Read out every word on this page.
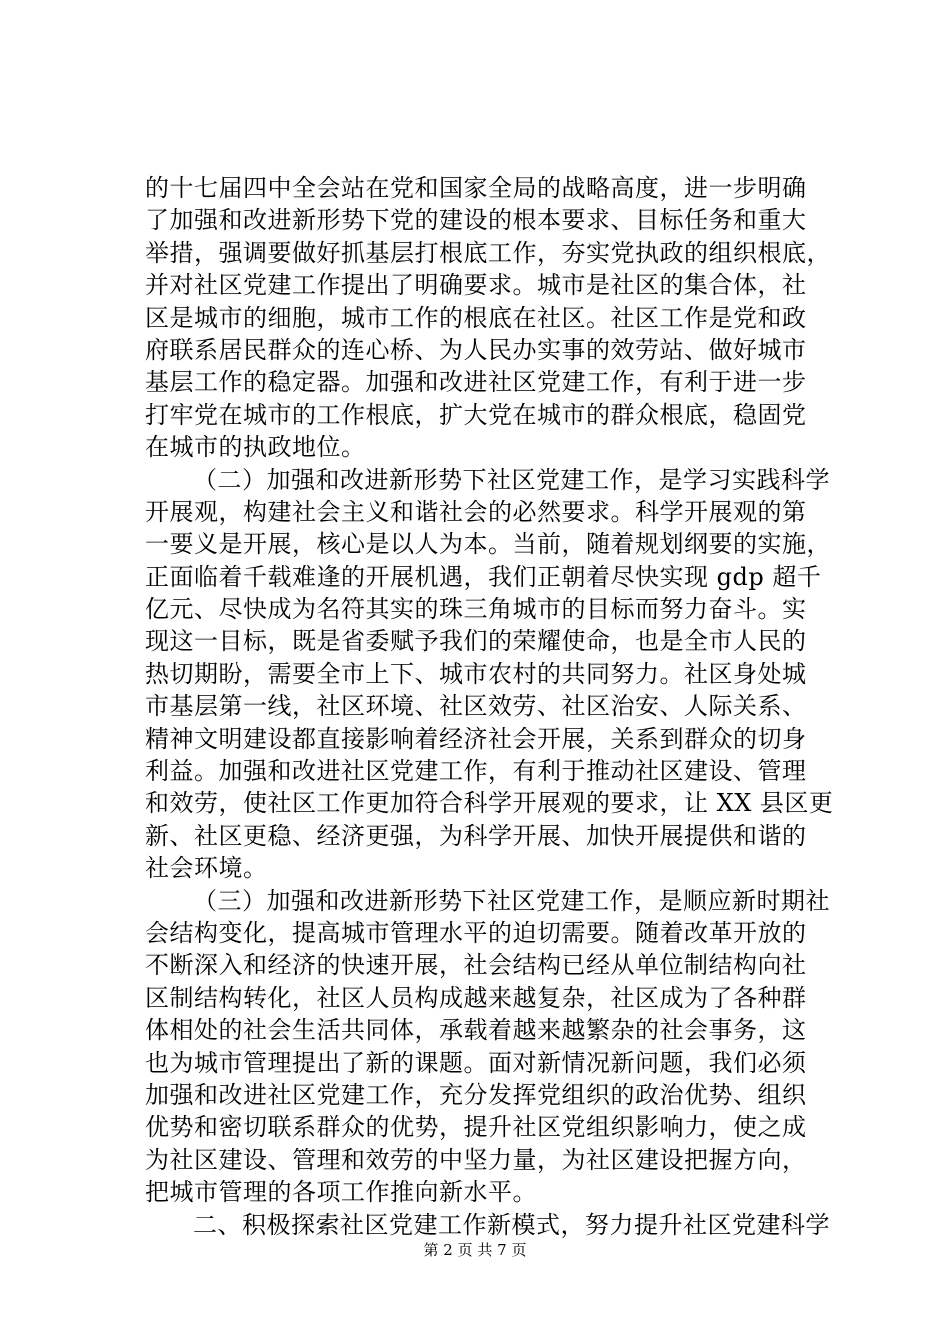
的十七届四中全会站在党和国家全局的战略高度，进一步明确
了加强和改进新形势下党的建设的根本要求、目标任务和重大
举措，强调要做好抓基层打根底工作，夯实党执政的组织根底，
并对社区党建工作提出了明确要求。城市是社区的集合体，社
区是城市的细胞，城市工作的根底在社区。社区工作是党和政
府联系居民群众的连心桥、为人民办实事的效劳站、做好城市
基层工作的稳定器。加强和改进社区党建工作，有利于进一步
打牢党在城市的工作根底，扩大党在城市的群众根底，稳固党
在城市的执政地位。
（二）加强和改进新形势下社区党建工作，是学习实践科学
开展观，构建社会主义和谐社会的必然要求。科学开展观的第
一要义是开展，核心是以人为本。当前，随着规划纲要的实施，
正面临着千载难逢的开展机遇，我们正朝着尽快实现 gdp 超千
亿元、尽快成为名符其实的珠三角城市的目标而努力奋斗。实
现这一目标，既是省委赋予我们的荣耀使命，也是全市人民的
热切期盼，需要全市上下、城市农村的共同努力。社区身处城
市基层第一线，社区环境、社区效劳、社区治安、人际关系、
精神文明建设都直接影响着经济社会开展，关系到群众的切身
利益。加强和改进社区党建工作，有利于推动社区建设、管理
和效劳，使社区工作更加符合科学开展观的要求，让 XX 县区更
新、社区更稳、经济更强，为科学开展、加快开展提供和谐的
社会环境。
（三）加强和改进新形势下社区党建工作，是顺应新时期社
会结构变化，提高城市管理水平的迫切需要。随着改革开放的
不断深入和经济的快速开展，社会结构已经从单位制结构向社
区制结构转化，社区人员构成越来越复杂，社区成为了各种群
体相处的社会生活共同体，承载着越来越繁杂的社会事务，这
也为城市管理提出了新的课题。面对新情况新问题，我们必须
加强和改进社区党建工作，充分发挥党组织的政治优势、组织
优势和密切联系群众的优势，提升社区党组织影响力，使之成
为社区建设、管理和效劳的中坚力量，为社区建设把握方向，
把城市管理的各项工作推向新水平。
二、积极探索社区党建工作新模式，努力提升社区党建科学
第 2 页 共 7 页
